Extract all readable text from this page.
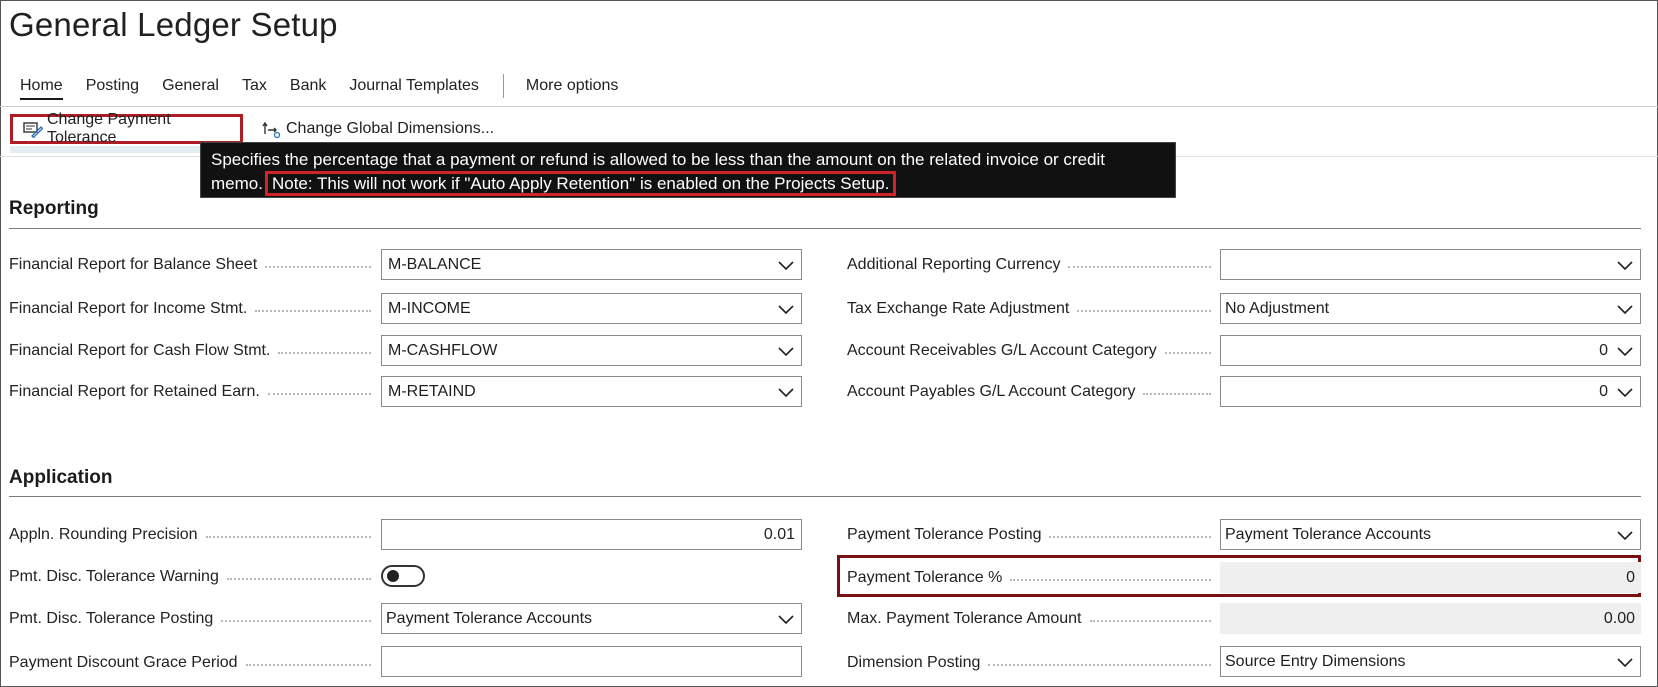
General Ledger Setup
Home Posting General Tax Bank Journal Templates	More options
Change Payment Tolerance
Change Global Dimensions...
Specifies the percentage that a payment or refund is allowed to be less than the amount on the related invoice or credit memo. Note: This will not work if "Auto Apply Retention" is enabled on the Projects Setup.
Reporting
Financial Report for Balance Sheet	M-BALANCE
Financial Report for Income Stmt.	M-INCOME
Financial Report for Cash Flow Stmt.	M-CASHFLOW
Financial Report for Retained Earn.	M-RETAIND
Additional Reporting Currency
Tax Exchange Rate Adjustment	No Adjustment
Account Receivables G/L Account Category	0
Account Payables G/L Account Category	0
Application
Appln. Rounding Precision	0.01
Pmt. Disc. Tolerance Warning
Pmt. Disc. Tolerance Posting	Payment Tolerance Accounts
Payment Discount Grace Period
Payment Tolerance Posting	Payment Tolerance Accounts
Payment Tolerance %	0
Max. Payment Tolerance Amount	0.00
Dimension Posting	Source Entry Dimensions
